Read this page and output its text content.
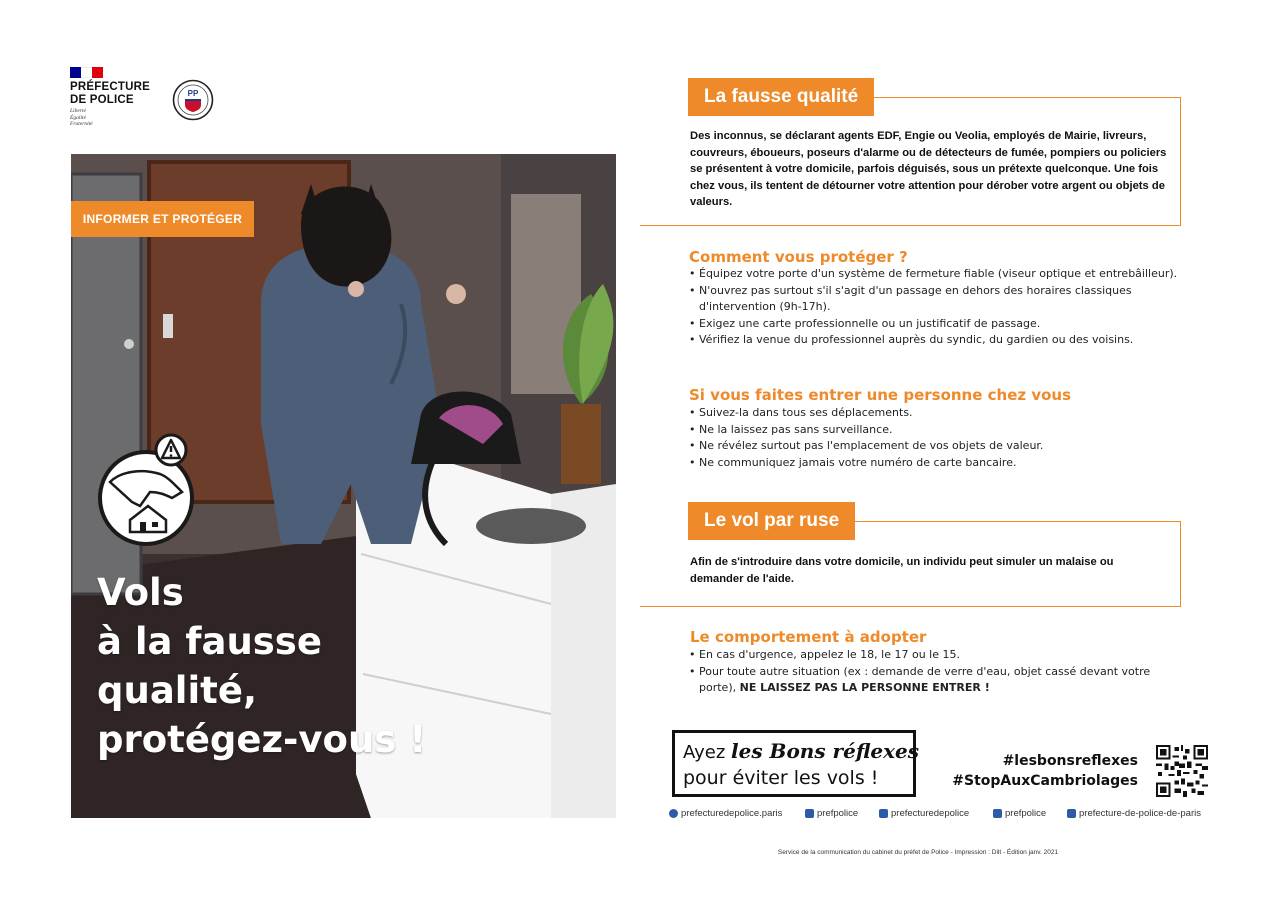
PRÉFECTURE
DE POLICE
Liberté
Égalité
Fraternité
PP
INFORMER ET PROTÉGER
Vols
à la fausse
qualité,
protégez-vous !
La fausse qualité
Des inconnus, se déclarant agents EDF, Engie ou Veolia, employés de Mairie, livreurs, couvreurs, éboueurs, poseurs d'alarme ou de détecteurs de fumée, pompiers ou policiers se présentent à votre domicile, parfois déguisés, sous un prétexte quelconque. Une fois chez vous, ils tentent de détourner votre attention pour dérober votre argent ou objets de valeurs.
Comment vous protéger ?
• Équipez votre porte d'un système de fermeture fiable (viseur optique et entrebâilleur).
• N'ouvrez pas surtout s'il s'agit d'un passage en dehors des horaires classiques d'intervention (9h-17h).
• Exigez une carte professionnelle ou un justificatif de passage.
• Vérifiez la venue du professionnel auprès du syndic, du gardien ou des voisins.
Si vous faites entrer une personne chez vous
• Suivez-la dans tous ses déplacements.
• Ne la laissez pas sans surveillance.
• Ne révélez surtout pas l'emplacement de vos objets de valeur.
• Ne communiquez jamais votre numéro de carte bancaire.
Le vol par ruse
Afin de s'introduire dans votre domicile, un individu peut simuler un malaise ou demander de l'aide.
Le comportement à adopter
• En cas d'urgence, appelez le 18, le 17 ou le 15.
• Pour toute autre situation (ex : demande de verre d'eau, objet cassé devant votre porte), NE LAISSEZ PAS LA PERSONNE ENTRER !
Ayez les Bons réflexes
pour éviter les vols !
#lesbonsreflexes
#StopAuxCambriolages
prefecturedepolice.paris	prefpolice	prefecturedepolice	prefpolice	prefecture-de-police-de-paris
Service de la communication du cabinet du préfet de Police - Impression : Dilt - Édition janv. 2021
